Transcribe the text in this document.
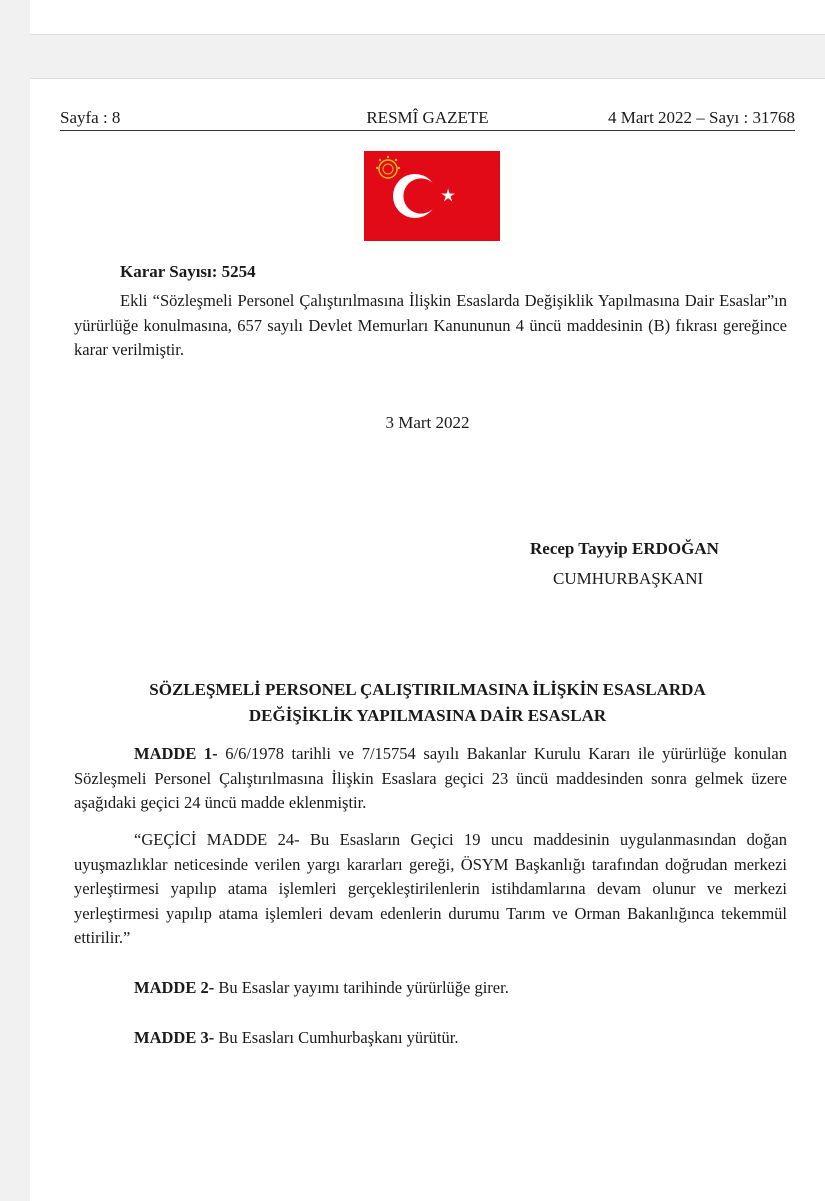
Sayfa : 8	RESMÎ GAZETE	4 Mart 2022 – Sayı : 31768
Karar Sayısı: 5254
Ekli “Sözleşmeli Personel Çalıştırılmasına İlişkin Esaslarda Değişiklik Yapılmasına Dair Esaslar”ın yürürlüğe konulmasına, 657 sayılı Devlet Memurları Kanununun 4 üncü maddesinin (B) fıkrası gereğince karar verilmiştir.
3 Mart 2022
Recep Tayyip ERDOĞAN
CUMHURBAŞKANI
SÖZLEŞMELİ PERSONEL ÇALIŞTIRILMASINA İLİŞKİN ESASLARDA
DEĞİŞİKLİK YAPILMASINA DAİR ESASLAR
MADDE 1- 6/6/1978 tarihli ve 7/15754 sayılı Bakanlar Kurulu Kararı ile yürürlüğe konulan Sözleşmeli Personel Çalıştırılmasına İlişkin Esaslara geçici 23 üncü maddesinden sonra gelmek üzere aşağıdaki geçici 24 üncü madde eklenmiştir.
“GEÇİCİ MADDE 24- Bu Esasların Geçici 19 uncu maddesinin uygulanmasından doğan uyuşmazlıklar neticesinde verilen yargı kararları gereği, ÖSYM Başkanlığı tarafından doğrudan merkezi yerleştirmesi yapılıp atama işlemleri gerçekleştirilenlerin istihdamlarına devam olunur ve merkezi yerleştirmesi yapılıp atama işlemleri devam edenlerin durumu Tarım ve Orman Bakanlığınca tekemmül ettirilir.”
MADDE 2- Bu Esaslar yayımı tarihinde yürürlüğe girer.
MADDE 3- Bu Esasları Cumhurbaşkanı yürütür.
